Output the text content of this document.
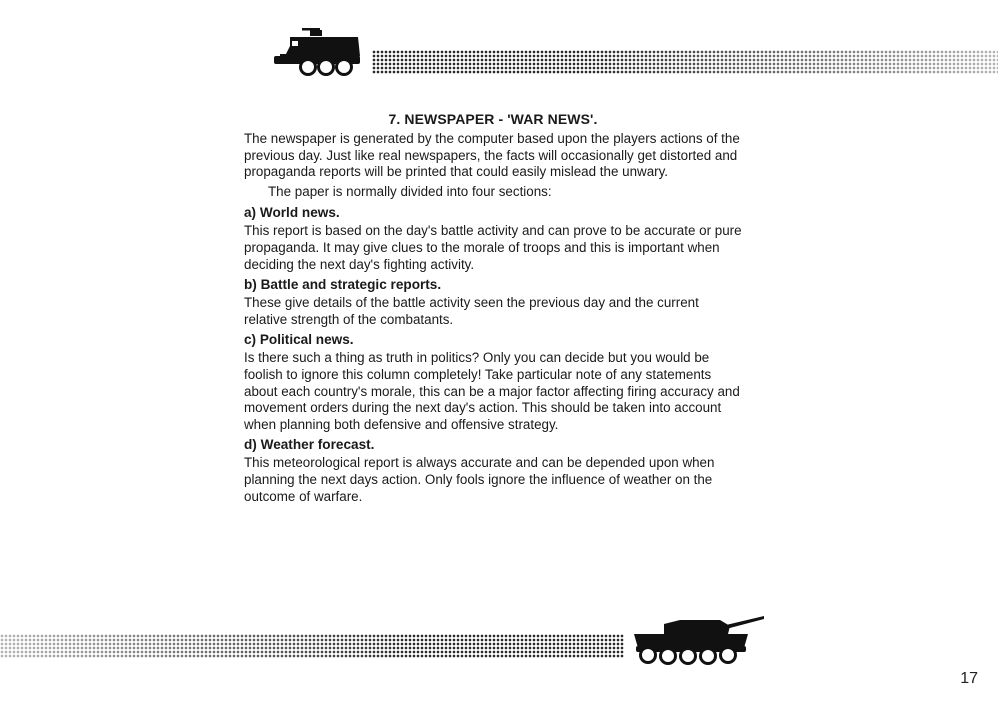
7. NEWSPAPER - 'WAR NEWS'.

The newspaper is generated by the computer based upon the players actions of the previous day. Just like real newspapers, the facts will occasionally get distorted and propaganda reports will be printed that could easily mislead the unwary.

The paper is normally divided into four sections:

a) World news.

This report is based on the day's battle activity and can prove to be accurate or pure propaganda. It may give clues to the morale of troops and this is important when deciding the next day's fighting activity.

b) Battle and strategic reports.

These give details of the battle activity seen the previous day and the current relative strength of the combatants.

c) Political news.

Is there such a thing as truth in politics? Only you can decide but you would be foolish to ignore this column completely! Take particular note of any statements about each country's morale, this can be a major factor affecting firing accuracy and movement orders during the next day's action. This should be taken into account when planning both defensive and offensive strategy.

d) Weather forecast.

This meteorological report is always accurate and can be depended upon when planning the next days action. Only fools ignore the influence of weather on the outcome of warfare.

17
